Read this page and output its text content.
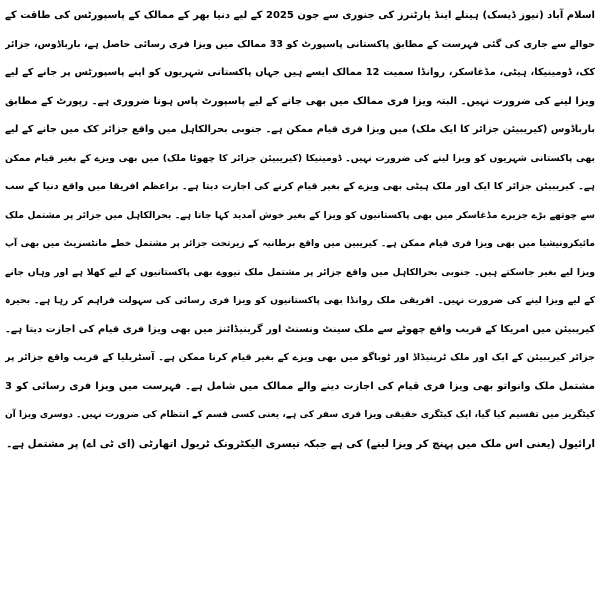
اسلام آباد (نیوز ڈیسک) ہینلے اینڈ پارٹنرز کی جنوری سے جون 2025 کے لیے دنیا بھر کے ممالک کے پاسپورٹس کی طاقت کے
حوالے سے جاری کی گئی فہرست کے مطابق پاکستانی پاسپورٹ کو 33 ممالک میں ویزا فری رسائی حاصل ہے، بارباڈوس، جزائر
کک، ڈومینیکا، ہیٹی، مڈغاسکر، روانڈا سمیت 12 ممالک ایسے ہیں جہاں پاکستانی شہریوں کو اپنے پاسپورٹس پر جانے کے لیے
ویزا لینے کی ضرورت نہیں۔ البتہ ویزا فری ممالک میں بھی جانے کے لیے پاسپورٹ پاس ہونا ضروری ہے۔ رپورٹ کے مطابق
بارباڈوس (کیریبیئن جزائر کا ایک ملک) میں ویزا فری قیام ممکن ہے۔ جنوبی بحرالکاہل میں واقع جزائر کک میں جانے کے لیے
بھی پاکستانی شہریوں کو ویزا لینے کی ضرورت نہیں۔ ڈومینیکا (کیریبیئن جزائر کا چھوٹا ملک) میں بھی ویزے کے بغیر قیام ممکن
ہے۔ کیریبیئن جزائر کا ایک اور ملک ہیٹی بھی ویزے کے بغیر قیام کرنے کی اجازت دیتا ہے۔ براعظم افریقا میں واقع دنیا کے سب
سے چوتھے بڑے جزیرے مڈغاسکر میں بھی پاکستانیوں کو ویزا کے بغیر خوش آمدید کہا جاتا ہے۔ بحرالکاہل میں جزائر پر مشتمل ملک
مائیکرونیشیا میں بھی ویزا فری قیام ممکن ہے۔ کیریبین میں واقع برطانیہ کے زیرتحت جزائر پر مشتمل خطے مانٹسریٹ میں بھی آپ
ویزا لیے بغیر جاسکتے ہیں۔ جنوبی بحرالکاہل میں واقع جزائر پر مشتمل ملک نیووے بھی پاکستانیوں کے لیے کھلا ہے اور وہاں جانے
کے لیے ویزا لینے کی ضرورت نہیں۔ افریقی ملک روانڈا بھی پاکستانیوں کو ویزا فری رسائی کی سہولت فراہم کر رہا ہے۔ بحیرہ
کیریبیئن میں امریکا کے قریب واقع چھوٹے سے ملک سینٹ ونسنٹ اور گرینیڈائنز میں بھی ویزا فری قیام کی اجازت دیتا ہے۔
جزائر کیریبیئن کے ایک اور ملک ٹرینیڈاڈ اور ٹوباگو میں بھی ویزے کے بغیر قیام کرنا ممکن ہے۔ آسٹریلیا کے قریب واقع جزائر پر
مشتمل ملک وانواتو بھی ویزا فری قیام کی اجازت دینے والے ممالک میں شامل ہے۔ فہرست میں ویزا فری رسائی کو 3
کیٹگریز میں تقسیم کیا گیا، ایک کیٹگری حقیقی ویزا فری سفر کی ہے، یعنی کسی قسم کے انتظام کی ضرورت نہیں۔ دوسری ویزا آن
ارائیول (یعنی اس ملک میں پہنچ کر ویزا لینے) کی ہے جبکہ تیسری الیکٹرونک ٹریول اتھارٹی (ای ٹی اے) پر مشتمل ہے۔
